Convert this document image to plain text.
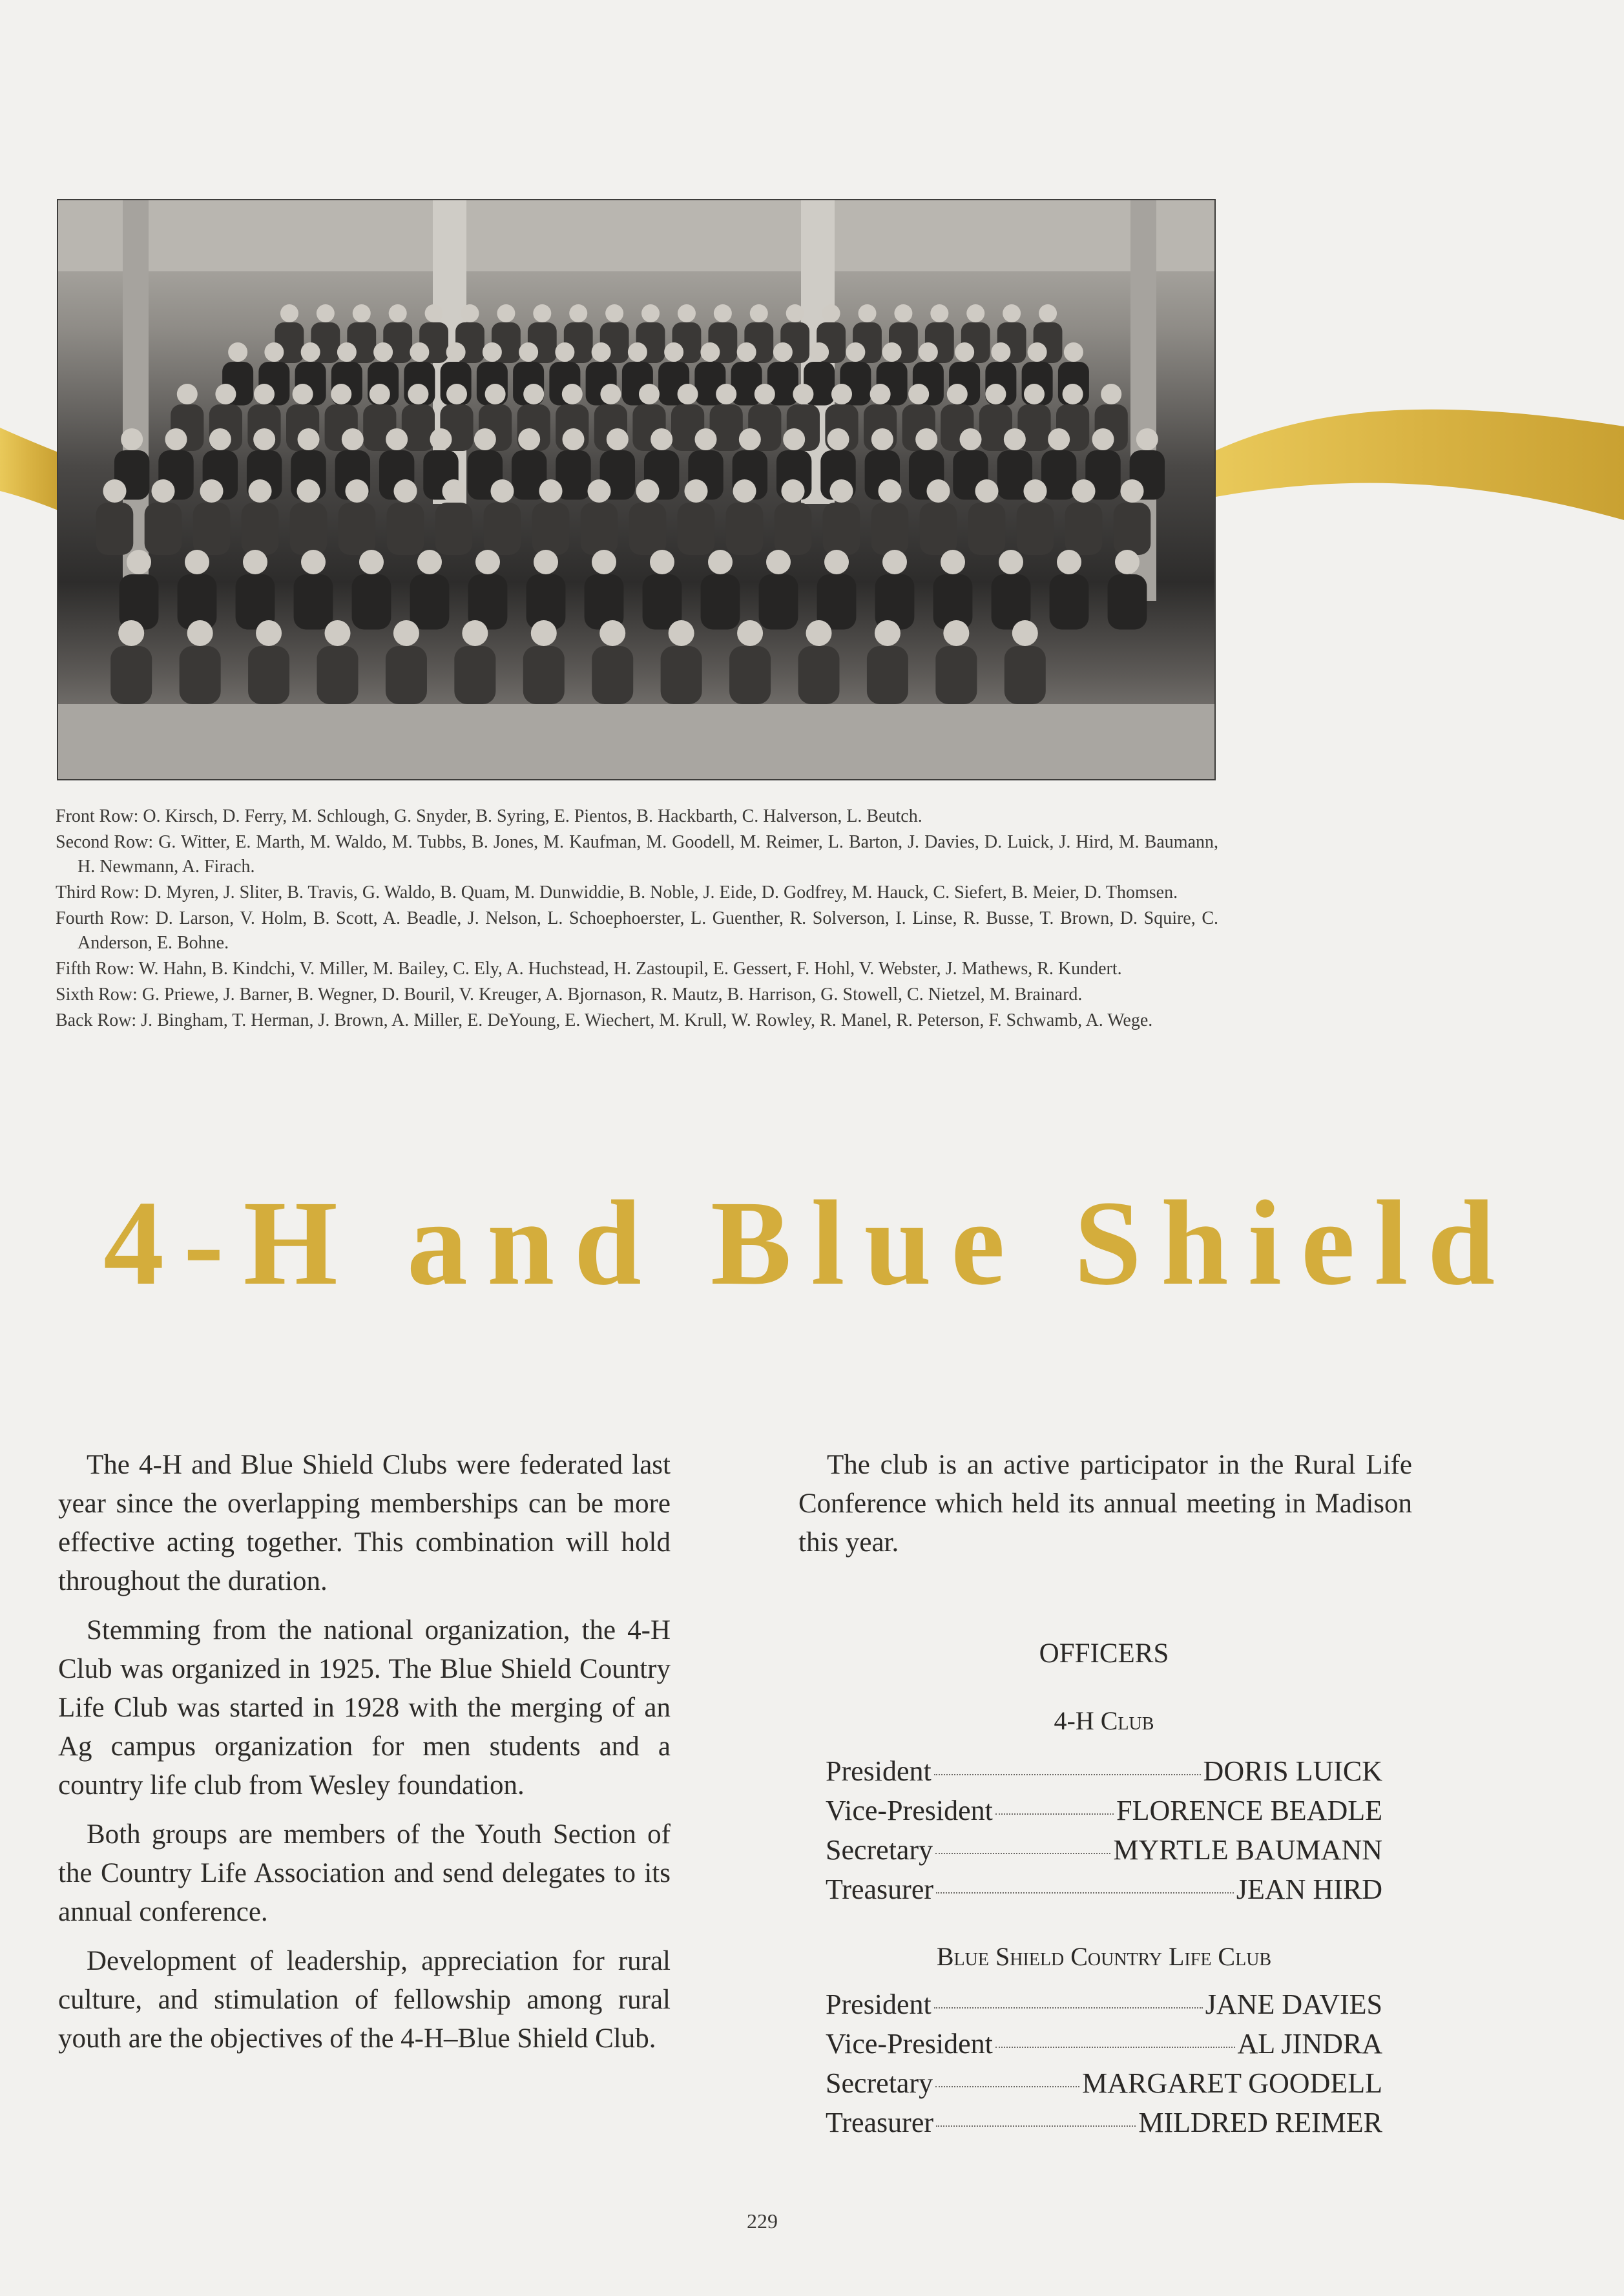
Front Row: O. Kirsch, D. Ferry, M. Schlough, G. Snyder, B. Syring, E. Pientos, B. Hackbarth, C. Halverson, L. Beutch.

Second Row: G. Witter, E. Marth, M. Waldo, M. Tubbs, B. Jones, M. Kaufman, M. Goodell, M. Reimer, L. Barton, J. Davies, D. Luick, J. Hird, M. Baumann, H. Newmann, A. Firach.

Third Row: D. Myren, J. Sliter, B. Travis, G. Waldo, B. Quam, M. Dunwiddie, B. Noble, J. Eide, D. Godfrey, M. Hauck, C. Siefert, B. Meier, D. Thomsen.

Fourth Row: D. Larson, V. Holm, B. Scott, A. Beadle, J. Nelson, L. Schoephoerster, L. Guenther, R. Solverson, I. Linse, R. Busse, T. Brown, D. Squire, C. Anderson, E. Bohne.

Fifth Row: W. Hahn, B. Kindchi, V. Miller, M. Bailey, C. Ely, A. Huchstead, H. Zastoupil, E. Gessert, F. Hohl, V. Webster, J. Mathews, R. Kundert.

Sixth Row: G. Priewe, J. Barner, B. Wegner, D. Bouril, V. Kreuger, A. Bjornason, R. Mautz, B. Harrison, G. Stowell, C. Nietzel, M. Brainard.

Back Row: J. Bingham, T. Herman, J. Brown, A. Miller, E. DeYoung, E. Wiechert, M. Krull, W. Rowley, R. Manel, R. Peterson, F. Schwamb, A. Wege.

4-H and Blue Shield

The 4-H and Blue Shield Clubs were federated last year since the overlapping memberships can be more effective acting together. This combination will hold throughout the duration.

Stemming from the national organization, the 4-H Club was organized in 1925. The Blue Shield Country Life Club was started in 1928 with the merging of an Ag campus organization for men students and a country life club from Wesley foundation.

Both groups are members of the Youth Section of the Country Life Association and send delegates to its annual conference.

Development of leadership, appreciation for rural culture, and stimulation of fellowship among rural youth are the objectives of the 4-H–Blue Shield Club.

The club is an active participator in the Rural Life Conference which held its annual meeting in Madison this year.

OFFICERS
4-H Club
President	DORIS LUICK
Vice-President	FLORENCE BEADLE
Secretary	MYRTLE BAUMANN
Treasurer	JEAN HIRD
Blue Shield Country Life Club
President	JANE DAVIES
Vice-President	AL JINDRA
Secretary	MARGARET GOODELL
Treasurer	MILDRED REIMER
229
